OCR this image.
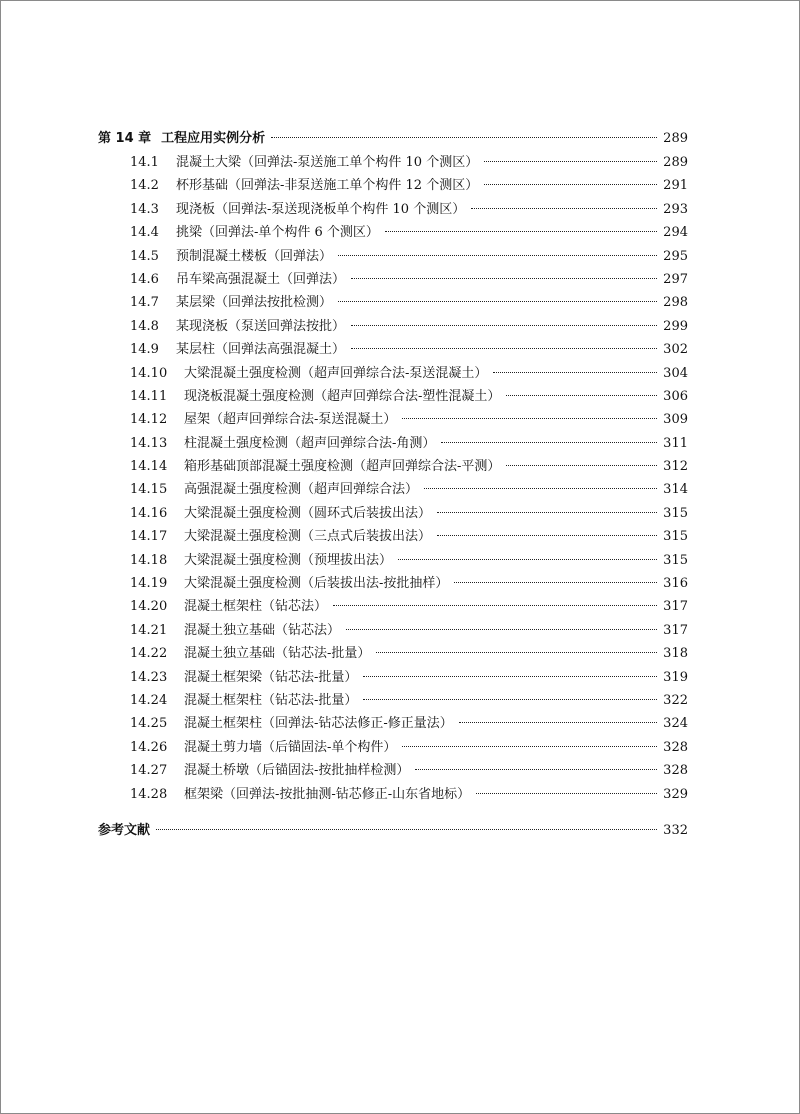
第 14 章 工程应用实例分析	289
14.1	混凝土大梁（回弹法-泵送施工单个构件 10 个测区）	289
14.2	杯形基础（回弹法-非泵送施工单个构件 12 个测区）	291
14.3	现浇板（回弹法-泵送现浇板单个构件 10 个测区）	293
14.4	挑梁（回弹法-单个构件 6 个测区）	294
14.5	预制混凝土楼板（回弹法）	295
14.6	吊车梁高强混凝土（回弹法）	297
14.7	某层梁（回弹法按批检测）	298
14.8	某现浇板（泵送回弹法按批）	299
14.9	某层柱（回弹法高强混凝土）	302
14.10	大梁混凝土强度检测（超声回弹综合法-泵送混凝土）	304
14.11	现浇板混凝土强度检测（超声回弹综合法-塑性混凝土）	306
14.12	屋架（超声回弹综合法-泵送混凝土）	309
14.13	柱混凝土强度检测（超声回弹综合法-角测）	311
14.14	箱形基础顶部混凝土强度检测（超声回弹综合法-平测）	312
14.15	高强混凝土强度检测（超声回弹综合法）	314
14.16	大梁混凝土强度检测（圆环式后装拔出法）	315
14.17	大梁混凝土强度检测（三点式后装拔出法）	315
14.18	大梁混凝土强度检测（预埋拔出法）	315
14.19	大梁混凝土强度检测（后装拔出法-按批抽样）	316
14.20	混凝土框架柱（钻芯法）	317
14.21	混凝土独立基础（钻芯法）	317
14.22	混凝土独立基础（钻芯法-批量）	318
14.23	混凝土框架梁（钻芯法-批量）	319
14.24	混凝土框架柱（钻芯法-批量）	322
14.25	混凝土框架柱（回弹法-钻芯法修正-修正量法）	324
14.26	混凝土剪力墙（后锚固法-单个构件）	328
14.27	混凝土桥墩（后锚固法-按批抽样检测）	328
14.28	框架梁（回弹法-按批抽测-钻芯修正-山东省地标）	329
参考文献	332
